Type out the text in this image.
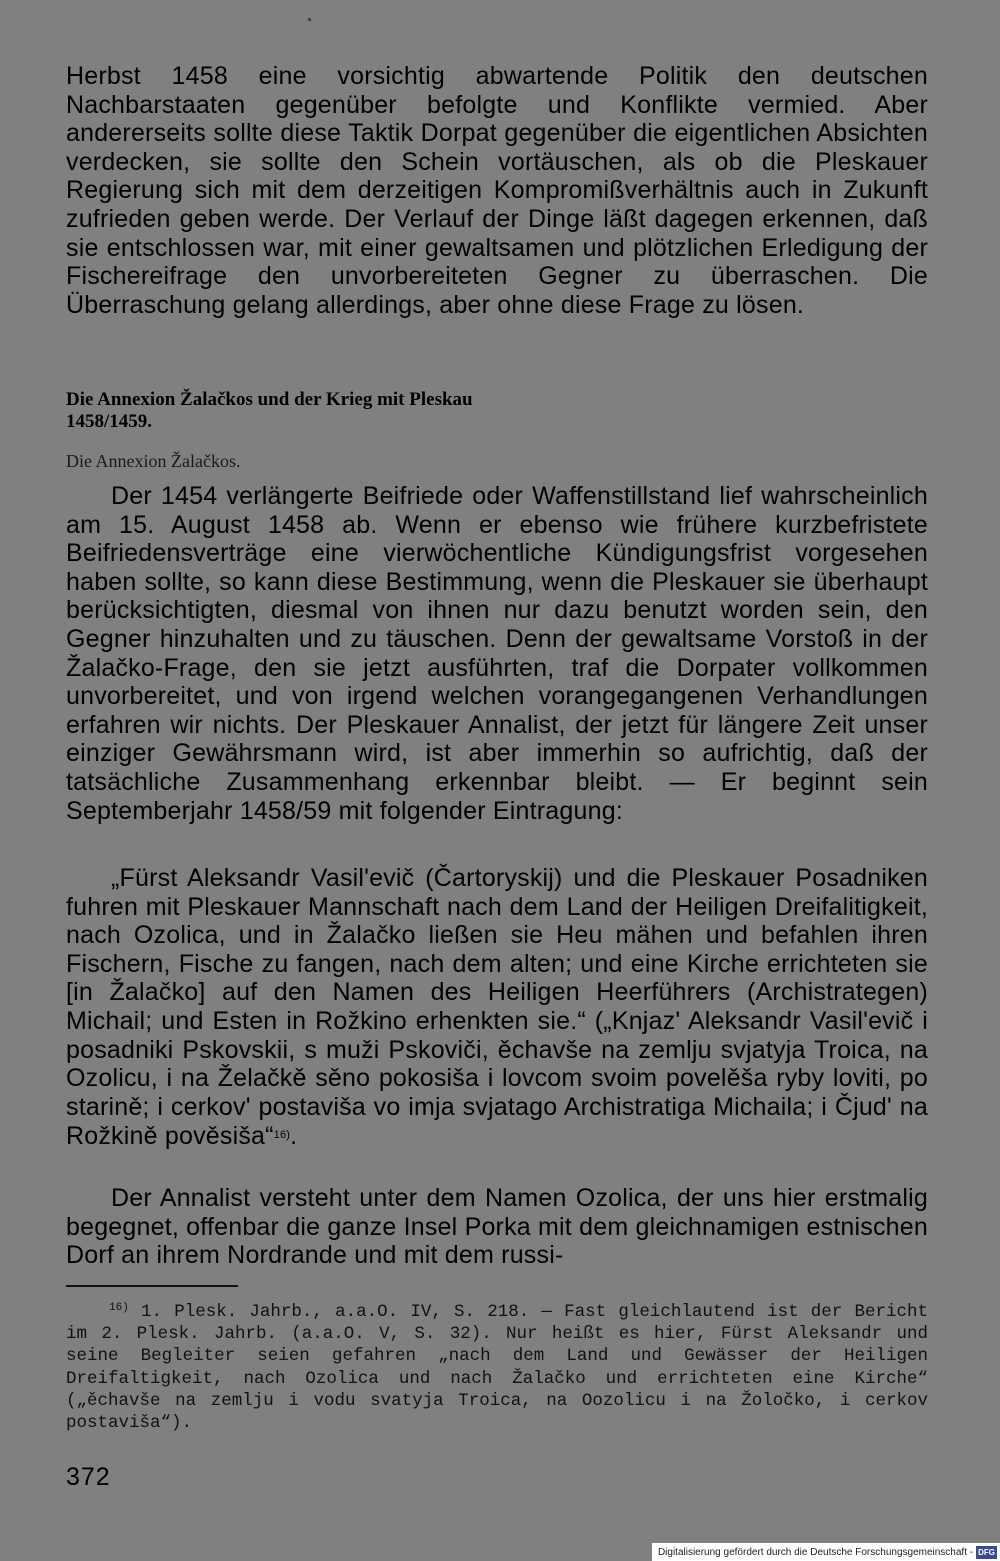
Herbst 1458 eine vorsichtig abwartende Politik den deutschen Nachbarstaaten gegenüber befolgte und Konflikte vermied. Aber andererseits sollte diese Taktik Dorpat gegenüber die eigentlichen Absichten verdecken, sie sollte den Schein vortäuschen, als ob die Pleskauer Regierung sich mit dem derzeitigen Kompromißverhältnis auch in Zukunft zufrieden geben werde. Der Verlauf der Dinge läßt dagegen erkennen, daß sie entschlossen war, mit einer gewaltsamen und plötzlichen Erledigung der Fischereifrage den unvorbereiteten Gegner zu überraschen. Die Überraschung gelang allerdings, aber ohne diese Frage zu lösen.

Die Annexion Žalačkos und der Krieg mit Pleskau 1458/1459.

Die Annexion Žalačkos.

Der 1454 verlängerte Beifriede oder Waffenstillstand lief wahrscheinlich am 15. August 1458 ab. Wenn er ebenso wie frühere kurzbefristete Beifriedensverträge eine vierwöchentliche Kündigungsfrist vorgesehen haben sollte, so kann diese Bestimmung, wenn die Pleskauer sie überhaupt berücksichtigten, diesmal von ihnen nur dazu benutzt worden sein, den Gegner hinzuhalten und zu täuschen. Denn der gewaltsame Vorstoß in der Žalačko-Frage, den sie jetzt ausführten, traf die Dorpater vollkommen unvorbereitet, und von irgend welchen vorangegangenen Verhandlungen erfahren wir nichts. Der Pleskauer Annalist, der jetzt für längere Zeit unser einziger Gewährsmann wird, ist aber immerhin so aufrichtig, daß der tatsächliche Zusammenhang erkennbar bleibt. — Er beginnt sein Septemberjahr 1458/59 mit folgender Eintragung:

„Fürst Aleksandr Vasil'evič (Čartoryskij) und die Pleskauer Posadniken fuhren mit Pleskauer Mannschaft nach dem Land der Heiligen Dreifalitigkeit, nach Ozolica, und in Žalačko ließen sie Heu mähen und befahlen ihren Fischern, Fische zu fangen, nach dem alten; und eine Kirche errichteten sie [in Žalačko] auf den Namen des Heiligen Heerführers (Archistrategen) Michail; und Esten in Rožkino erhenkten sie.“ („Knjaz' Aleksandr Vasil'evič i posadniki Pskovskii, s muži Pskoviči, ěchavše na zemlju svjatyja Troica, na Ozolicu, i na Želačkě sěno pokosiša i lovcom svoim povelěša ryby loviti, po starině; i cerkov' postaviša vo imja svjatago Archistratiga Michaila; i Čjud' na Rožkině pověsiša“$^{16)}$.

Der Annalist versteht unter dem Namen Ozolica, der uns hier erstmalig begegnet, offenbar die ganze Insel Porka mit dem gleichnamigen estnischen Dorf an ihrem Nordrande und mit dem russi-

$^{16)}$ 1. Plesk. Jahrb., a.a.O. IV, S. 218. — Fast gleichlautend ist der Bericht im 2. Plesk. Jahrb. (a.a.O. V, S. 32). Nur heißt es hier, Fürst Aleksandr und seine Begleiter seien gefahren „nach dem Land und Gewässer der Heiligen Dreifaltigkeit, nach Ozolica und nach Žalačko und errichteten eine Kirche“ („ěchavše na zemlju i vodu svatyja Troica, na Oozolicu i na Žoločko, i cerkov postaviša“).

372

Digitalisierung gefördert durch die Deutsche Forschungsgemeinschaft - DFG
